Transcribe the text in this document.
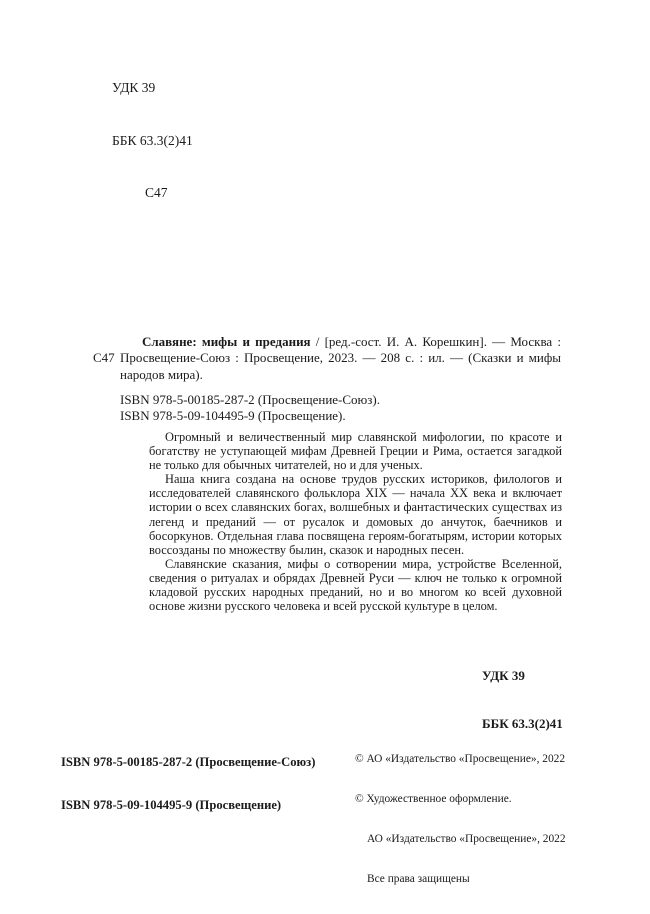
УДК 39

ББК 63.3(2)41

С47

С47
Славяне: мифы и предания / [ред.-сост. И. А. Корешкин]. — Москва : Просвещение-Союз : Просвещение, 2023. — 208 с. : ил. — (Сказки и мифы народов мира).

ISBN 978-5-00185-287-2 (Просвещение-Союз).
ISBN 978-5-09-104495-9 (Просвещение).

Огромный и величественный мир славянской мифологии, по красоте и богатству не уступающей мифам Древней Греции и Рима, остается загадкой не только для обычных читателей, но и для ученых.

Наша книга создана на основе трудов русских историков, филологов и исследователей славянского фольклора XIX — начала XX века и включает истории о всех славянских богах, волшебных и фантастических существах из легенд и преданий — от русалок и домовых до анчуток, баечников и босоркунов. Отдельная глава посвящена героям-богатырям, истории которых воссозданы по множеству былин, сказок и народных песен.

Славянские сказания, мифы о сотворении мира, устройстве Вселенной, сведения о ритуалах и обрядах Древней Руси — ключ не только к огромной кладовой русских народных преданий, но и во многом ко всей духовной основе жизни русского человека и всей русской культуре в целом.

УДК 39

ББК 63.3(2)41

ISBN 978-5-00185-287-2 (Просвещение-Союз)

ISBN 978-5-09-104495-9 (Просвещение)

© АО «Издательство «Просвещение», 2022

© Художественное оформление.

АО «Издательство «Просвещение», 2022

Все права защищены
